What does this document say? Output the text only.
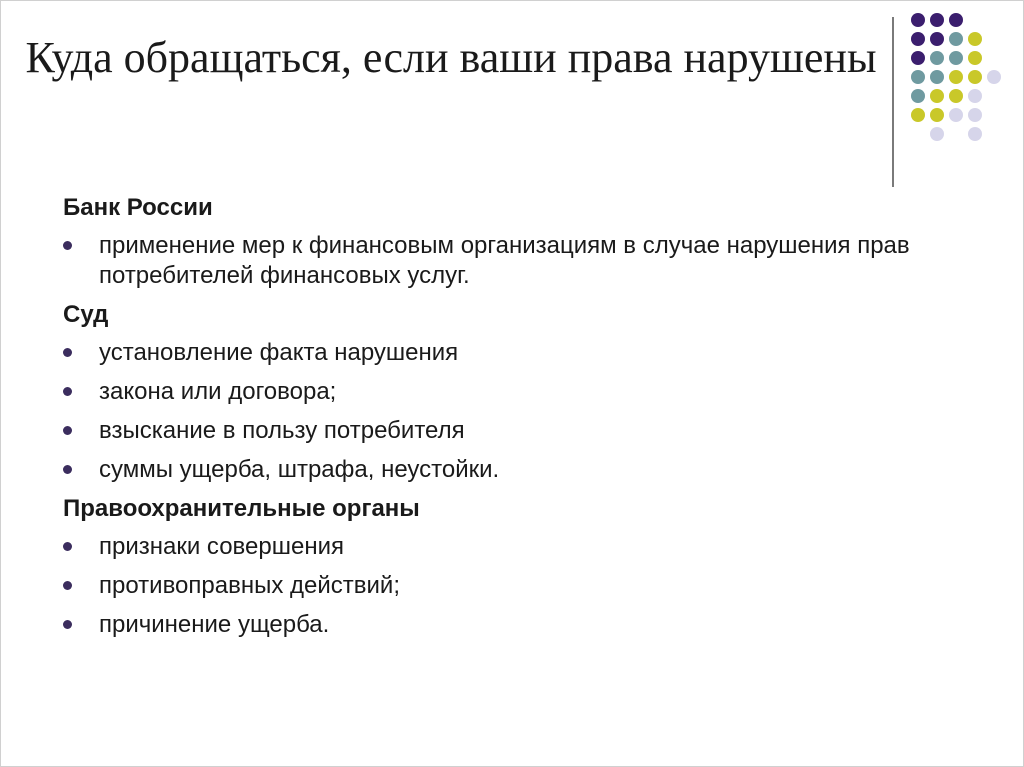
Куда обращаться, если ваши права нарушены
Банк России
применение мер к финансовым организациям в случае нарушения прав потребителей финансовых услуг.
Суд
установление факта нарушения
закона или договора;
взыскание в пользу потребителя
суммы ущерба, штрафа, неустойки.
Правоохранительные органы
признаки совершения
противоправных действий;
причинение ущерба.
